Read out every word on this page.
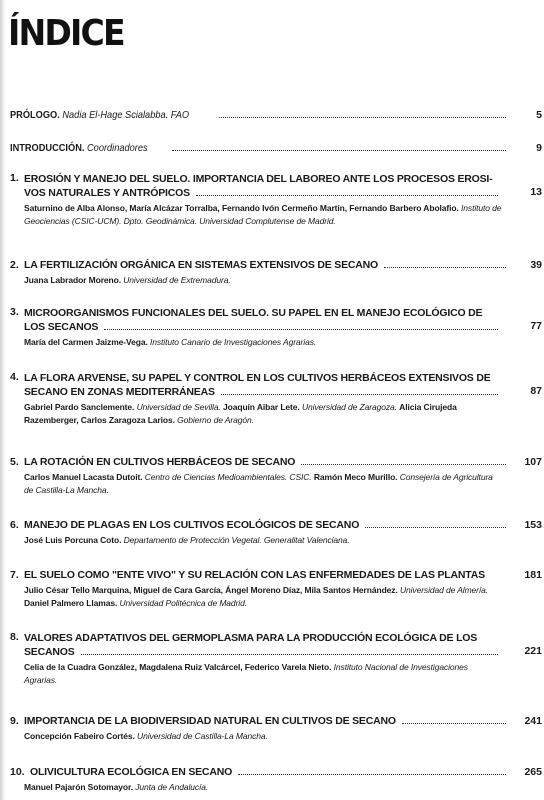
ÍNDICE
PRÓLOGO. Nadia El-Hage Scialabba. FAO	5
INTRODUCCIÓN. Coordinadores	9
1. EROSIÓN Y MANEJO DEL SUELO. IMPORTANCIA DEL LABOREO ANTE LOS PROCESOS EROSI-
VOS NATURALES Y ANTRÓPICOS	13
Saturnino de Alba Alonso, María Alcázar Torralba, Fernando Ivón Cermeño Martín, Fernando Barbero Abolafio. Instituto de Geociencias (CSIC-UCM). Dpto. Geodinámica. Universidad Complutense de Madrid.
2. LA FERTILIZACIÓN ORGÁNICA EN SISTEMAS EXTENSIVOS DE SECANO	39
Juana Labrador Moreno. Universidad de Extremadura.
3. MICROORGANISMOS FUNCIONALES DEL SUELO. SU PAPEL EN EL MANEJO ECOLÓGICO DE
LOS SECANOS	77
María del Carmen Jaizme-Vega. Instituto Canario de Investigaciones Agrarias.
4. LA FLORA ARVENSE, SU PAPEL Y CONTROL EN LOS CULTIVOS HERBÁCEOS EXTENSIVOS DE
SECANO EN ZONAS MEDITERRÁNEAS	87
Gabriel Pardo Sanclemente. Universidad de Sevilla. Joaquín Aibar Lete. Universidad de Zaragoza. Alicia Cirujeda Razemberger, Carlos Zaragoza Larios. Gobierno de Aragón.
5. LA ROTACIÓN EN CULTIVOS HERBÁCEOS DE SECANO	107
Carlos Manuel Lacasta Dutoit. Centro de Ciencias Medioambientales. CSIC. Ramón Meco Murillo. Consejería de Agricultura de Castilla-La Mancha.
6. MANEJO DE PLAGAS EN LOS CULTIVOS ECOLÓGICOS DE SECANO	153
José Luis Porcuna Coto. Departamento de Protección Vegetal. Generalitat Valenciana.
7. EL SUELO COMO "ENTE VIVO" Y SU RELACIÓN CON LAS ENFERMEDADES DE LAS PLANTAS	181
Julio César Tello Marquina, Miguel de Cara García, Ángel Moreno Díaz, Mila Santos Hernández. Universidad de Almería. Daniel Palmero Llamas. Universidad Politécnica de Madrid.
8. VALORES ADAPTATIVOS DEL GERMOPLASMA PARA LA PRODUCCIÓN ECOLÓGICA DE LOS
SECANOS	221
Celia de la Cuadra González, Magdalena Ruiz Valcárcel, Federico Varela Nieto. Instituto Nacional de Investigaciones Agrarias.
9. IMPORTANCIA DE LA BIODIVERSIDAD NATURAL EN CULTIVOS DE SECANO	241
Concepción Fabeiro Cortés. Universidad de Castilla-La Mancha.
10. OLIVICULTURA ECOLÓGICA EN SECANO	265
Manuel Pajarón Sotomayor. Junta de Andalucía.
